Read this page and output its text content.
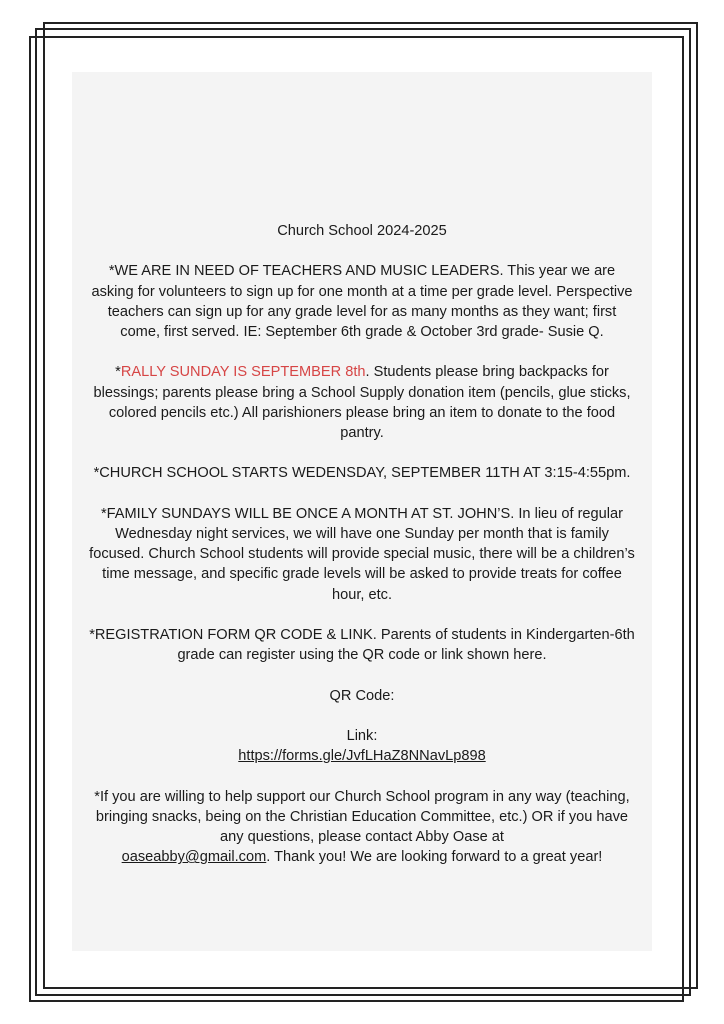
Church School 2024-2025

*WE ARE IN NEED OF TEACHERS AND MUSIC LEADERS. This year we are asking for volunteers to sign up for one month at a time per grade level. Perspective teachers can sign up for any grade level for as many months as they want; first come, first served. IE: September 6th grade & October 3rd grade- Susie Q.

*RALLY SUNDAY IS SEPTEMBER 8th. Students please bring backpacks for blessings; parents please bring a School Supply donation item (pencils, glue sticks, colored pencils etc.) All parishioners please bring an item to donate to the food pantry.

*CHURCH SCHOOL STARTS WEDENSDAY, SEPTEMBER 11TH AT 3:15-4:55pm.

*FAMILY SUNDAYS WILL BE ONCE A MONTH AT ST. JOHN’S. In lieu of regular Wednesday night services, we will have one Sunday per month that is family focused. Church School students will provide special music, there will be a children’s time message, and specific grade levels will be asked to provide treats for coffee hour, etc.

*REGISTRATION FORM QR CODE & LINK. Parents of students in Kindergarten-6th grade can register using the QR code or link shown here.

QR Code:

Link:
https://forms.gle/JvfLHaZ8NNavLp898

*If you are willing to help support our Church School program in any way (teaching, bringing snacks, being on the Christian Education Committee, etc.) OR if you have any questions, please contact Abby Oase at
oaseabby@gmail.com. Thank you! We are looking forward to a great year!
